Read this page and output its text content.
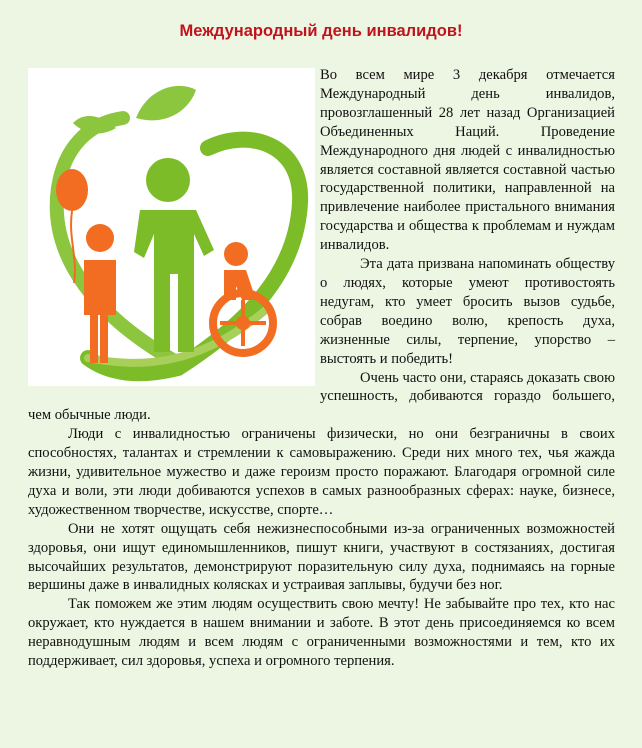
Международный день инвалидов!

Во всем мире 3 декабря отмечается Международный день инвалидов, провозглашенный 28 лет назад Организацией Объединенных Наций. Проведение Международного дня людей с инвалидностью является составной является составной частью государственной политики, направленной на привлечение наиболее пристального внимания государства и общества к проблемам и нуждам инвалидов.

Эта дата призвана напоминать обществу о людях, которые умеют противостоять недугам, кто умеет бросить вызов судьбе, собрав воедино волю, крепость духа, жизненные силы, терпение, упорство – выстоять и победить!

Очень часто они, стараясь доказать свою успешность, добиваются гораздо большего, чем обычные люди.

Люди с инвалидностью ограничены физически, но они безграничны в своих способностях, талантах и стремлении к самовыражению. Среди них много тех, чья жажда жизни, удивительное мужество и даже героизм просто поражают. Благодаря огромной силе духа и воли, эти люди добиваются успехов в самых разнообразных сферах: науке, бизнесе, художественном творчестве, искусстве, спорте…

Они не хотят ощущать себя нежизнеспособными из-за ограниченных возможностей здоровья, они ищут единомышленников, пишут книги, участвуют в состязаниях, достигая высочайших результатов, демонстрируют поразительную силу духа, поднимаясь на горные вершины даже в инвалидных колясках и устраивая заплывы, будучи без ног.

Так поможем же этим людям осуществить свою мечту! Не забывайте про тех, кто нас окружает, кто нуждается в нашем внимании и заботе. В этот день присоединяемся ко всем неравнодушным людям и всем людям с ограниченными возможностями и тем, кто их поддерживает, сил здоровья, успеха и огромного терпения.
